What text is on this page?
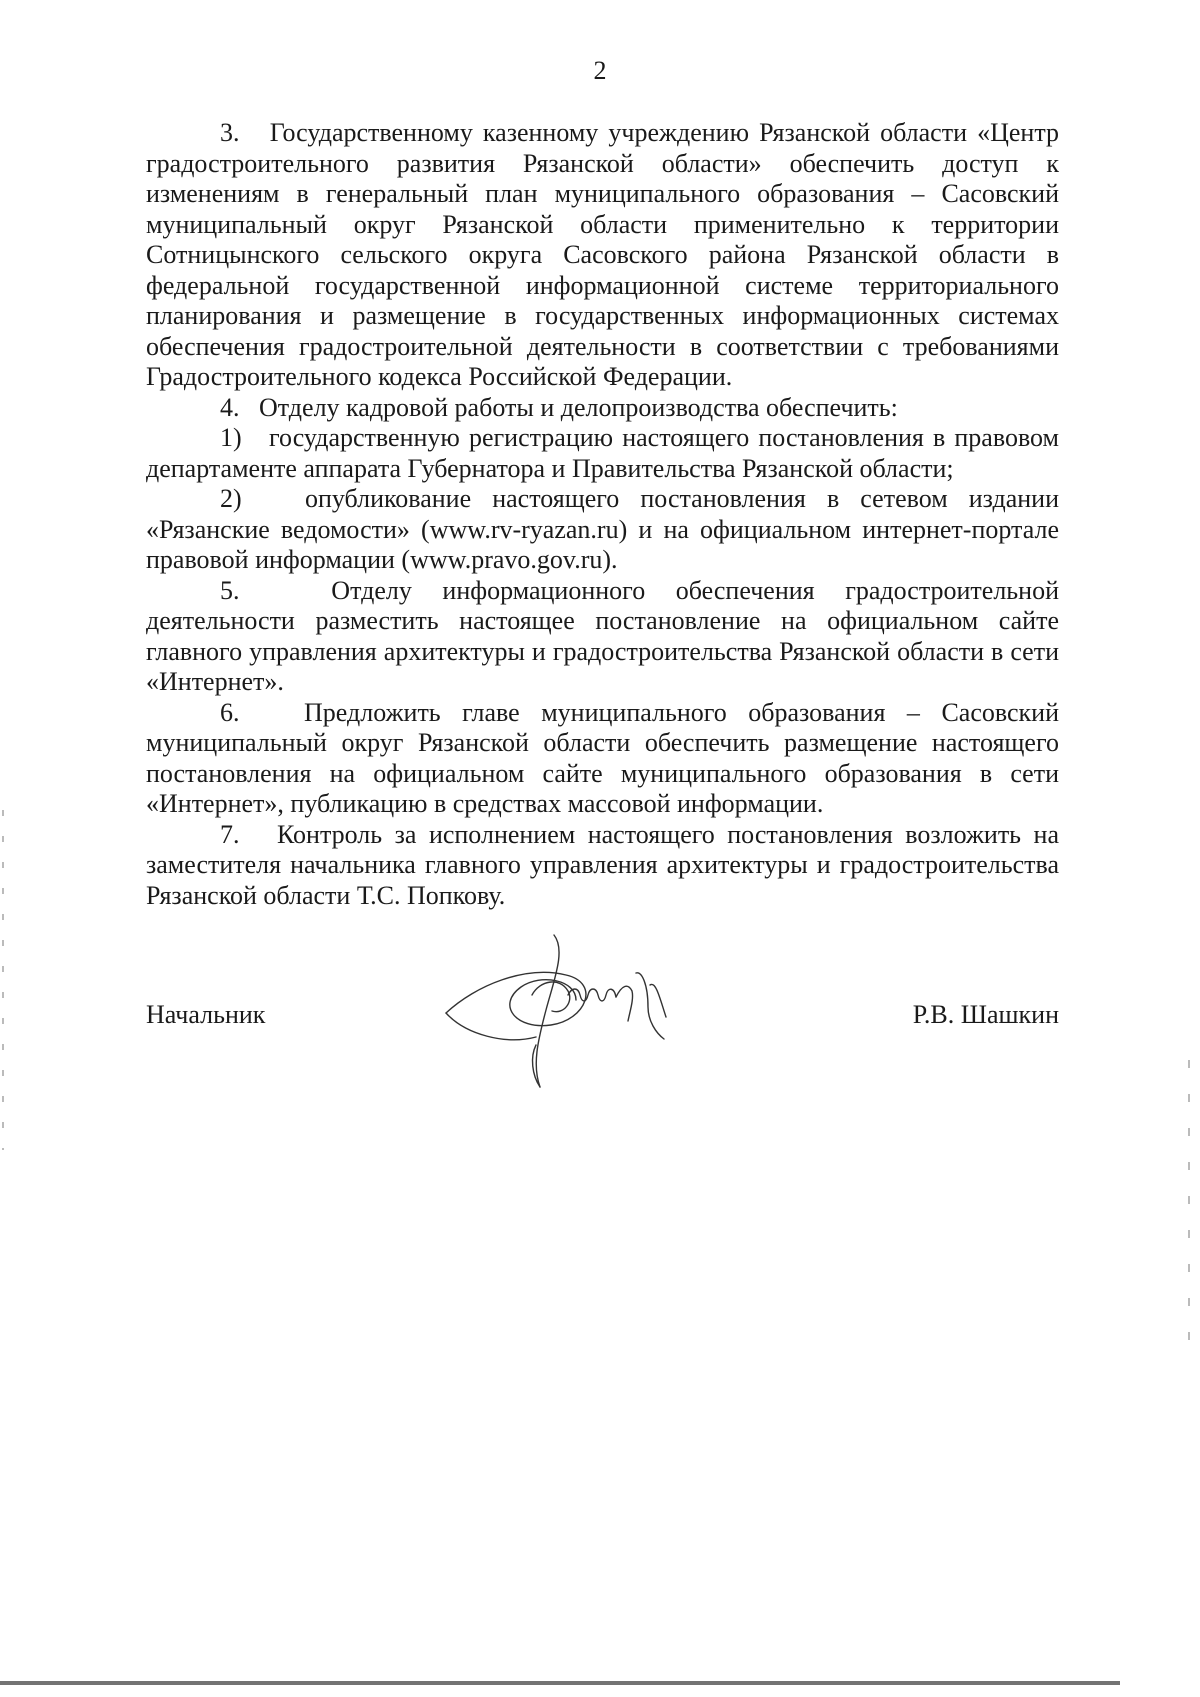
2

3.   Государственному казенному учреждению Рязанской области «Центр градостроительного развития Рязанской области» обеспечить доступ к изменениям в генеральный план муниципального образования – Сасовский муниципальный округ Рязанской области применительно к территории Сотницынского сельского округа Сасовского района Рязанской области в федеральной государственной информационной системе территориального планирования и размещение в государственных информационных системах обеспечения градостроительной деятельности в соответствии с требованиями Градостроительного кодекса Российской Федерации.

4.   Отделу кадровой работы и делопроизводства обеспечить:

1)   государственную регистрацию настоящего постановления в правовом департаменте аппарата Губернатора и Правительства Рязанской области;

2)   опубликование настоящего постановления в сетевом издании «Рязанские ведомости» (www.rv-ryazan.ru) и на официальном интернет-портале правовой информации (www.pravo.gov.ru).

5.   Отделу информационного обеспечения градостроительной деятельности разместить настоящее постановление на официальном сайте главного управления архитектуры и градостроительства Рязанской области в сети «Интернет».

6.   Предложить главе муниципального образования – Сасовский муниципальный округ Рязанской области обеспечить размещение настоящего постановления на официальном сайте муниципального образования в сети «Интернет», публикацию в средствах массовой информации.

7.   Контроль за исполнением настоящего постановления возложить на заместителя начальника главного управления архитектуры и градостроительства Рязанской области Т.С. Попкову.

Начальник	Р.В. Шашкин
